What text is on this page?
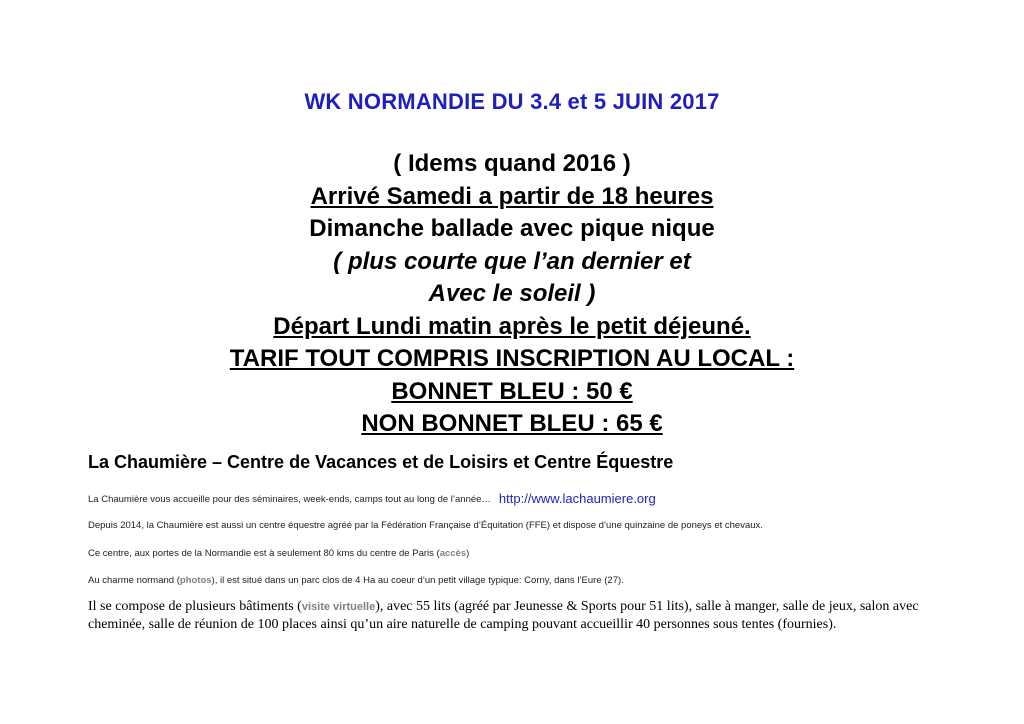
WK NORMANDIE DU 3.4 et 5 JUIN 2017
( Idems quand 2016 )
Arrivé Samedi a partir de 18 heures
Dimanche ballade avec pique nique
( plus courte que l’an dernier et
Avec le soleil )
Départ Lundi matin après le petit déjeuné.
TARIF TOUT COMPRIS INSCRIPTION AU LOCAL :
BONNET BLEU : 50 €
NON BONNET BLEU : 65 €
La Chaumière – Centre de Vacances et de Loisirs et Centre Équestre
La Chaumière vous accueille pour des séminaires, week-ends, camps tout au long de l’année… http://www.lachaumiere.org
Depuis 2014, la Chaumière est aussi un centre équestre agréé par la Fédération Française d’Équitation (FFE) et dispose d’une quinzaine de poneys et chevaux.
Ce centre, aux portes de la Normandie est à seulement 80 kms du centre de Paris (accès)
Au charme normand (photos), il est situé dans un parc clos de 4 Ha au coeur d’un petit village typique: Corny, dans l’Eure (27).
Il se compose de plusieurs bâtiments (visite virtuelle), avec 55 lits (agréé par Jeunesse & Sports pour 51 lits), salle à manger, salle de jeux, salon avec cheminée, salle de réunion de 100 places ainsi qu’un aire naturelle de camping pouvant accueillir 40 personnes sous tentes (fournies).
